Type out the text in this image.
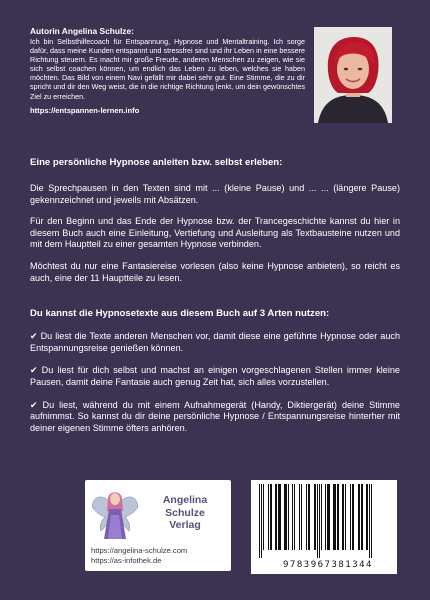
Autorin Angelina Schulze:
Ich bin Selbsthilfecoach für Entspannung, Hypnose und Mentaltraining. Ich sorge dafür, dass meine Kunden entspannt und stressfrei sind und ihr Leben in eine bessere Richtung steuern. Es macht mir große Freude, anderen Menschen zu zeigen, wie sie sich selbst coachen können, um endlich das Leben zu leben, welches sie haben möchten. Das Bild von einem Navi gefällt mir dabei sehr gut. Eine Stimme, die zu dir spricht und dir den Weg weist, die in die richtige Richtung lenkt, um dein gewünschtes Ziel zu erreichen.
https://entspannen-lernen.info
Eine persönliche Hypnose anleiten bzw. selbst erleben:
Die Sprechpausen in den Texten sind mit ... (kleine Pause) und ... ... (längere Pause) gekennzeichnet und jeweils mit Absätzen.
Für den Beginn und das Ende der Hypnose bzw. der Trancegeschichte kannst du hier in diesem Buch auch eine Einleitung, Vertiefung und Ausleitung als Textbausteine nutzen und mit dem Hauptteil zu einer gesamten Hypnose verbinden.
Möchtest du nur eine Fantasiereise vorlesen (also keine Hypnose anbieten), so reicht es auch, eine der 11 Hauptteile zu lesen.
Du kannst die Hypnosetexte aus diesem Buch auf 3 Arten nutzen:
✔ Du liest die Texte anderen Menschen vor, damit diese eine geführte Hypnose oder auch Entspannungsreise genießen können.
✔ Du liest für dich selbst und machst an einigen vorgeschlagenen Stellen immer kleine Pausen, damit deine Fantasie auch genug Zeit hat, sich alles vorzustellen.
✔ Du liest, während du mit einem Aufnahmegerät (Handy, Diktiergerät) deine Stimme aufnimmst. So kannst du dir deine persönliche Hypnose / Entspannungsreise hinterher mit deiner eigenen Stimme öfters anhören.
Angelina
Schulze
Verlag
https://angelina-schulze.com
https://as-infothek.de	9783967381344
